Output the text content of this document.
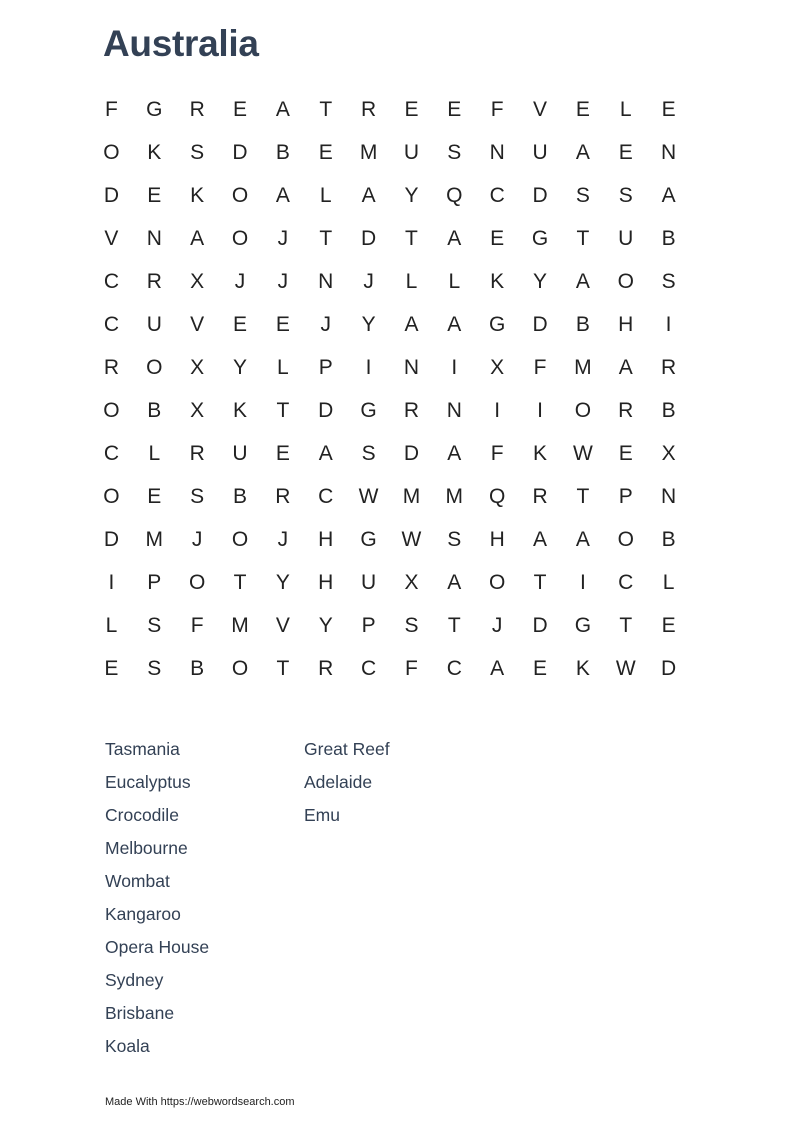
Australia
F	G	R	E	A	T	R	E	E	F	V	E	L	E
O	K	S	D	B	E	M	U	S	N	U	A	E	N
D	E	K	O	A	L	A	Y	Q	C	D	S	S	A
V	N	A	O	J	T	D	T	A	E	G	T	U	B
C	R	X	J	J	N	J	L	L	K	Y	A	O	S
C	U	V	E	E	J	Y	A	A	G	D	B	H	I
R	O	X	Y	L	P	I	N	I	X	F	M	A	R
O	B	X	K	T	D	G	R	N	I	I	O	R	B
C	L	R	U	E	A	S	D	A	F	K	W	E	X
O	E	S	B	R	C	W	M	M	Q	R	T	P	N
D	M	J	O	J	H	G	W	S	H	A	A	O	B
I	P	O	T	Y	H	U	X	A	O	T	I	C	L
L	S	F	M	V	Y	P	S	T	J	D	G	T	E
E	S	B	O	T	R	C	F	C	A	E	K	W	D
Tasmania
Eucalyptus
Crocodile
Melbourne
Wombat
Kangaroo
Opera House
Sydney
Brisbane
Koala
Great Reef
Adelaide
Emu
Made With https://webwordsearch.com
